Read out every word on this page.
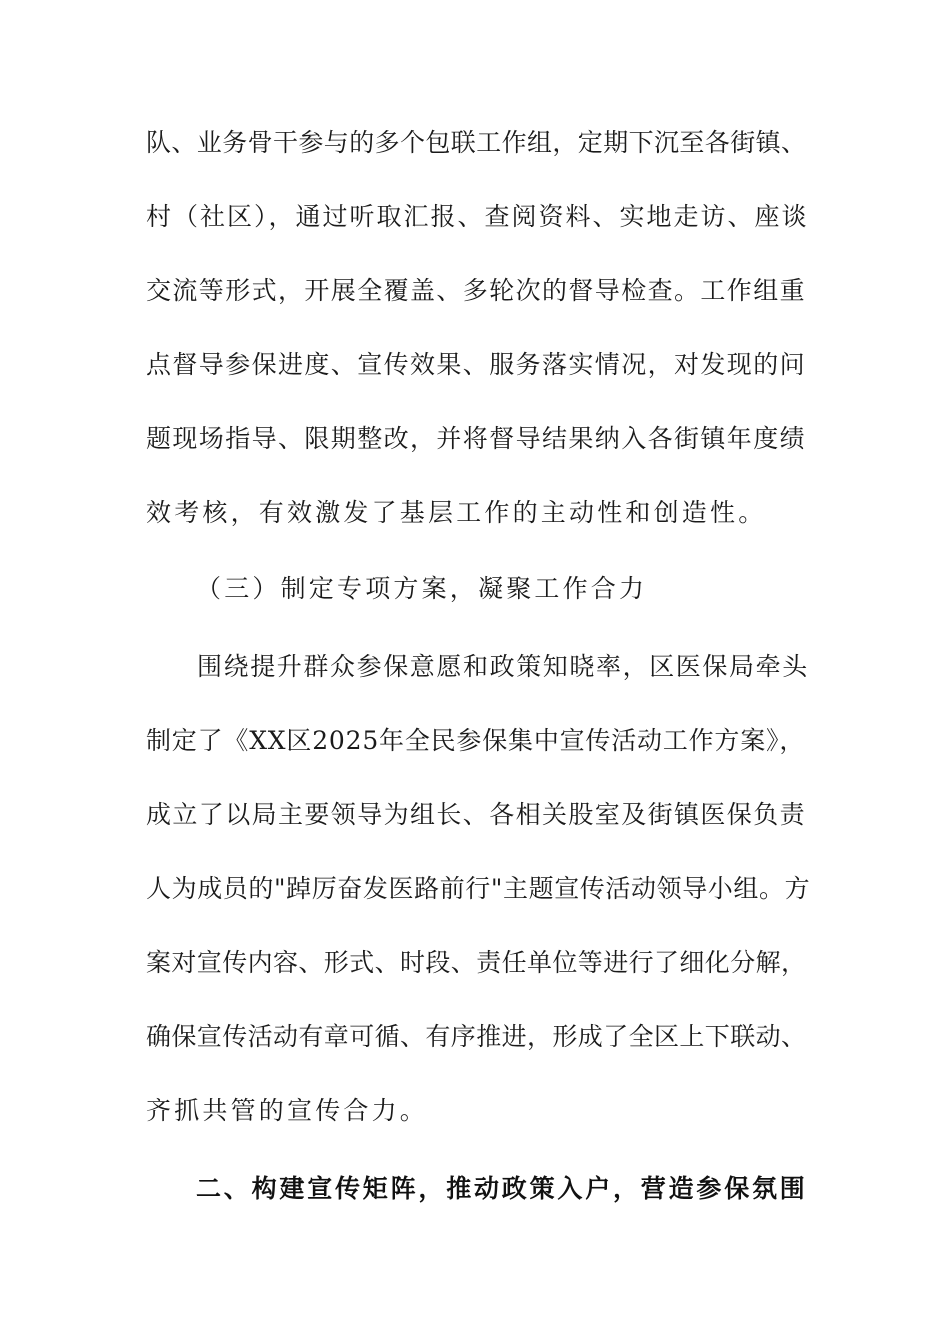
队、业务骨干参与的多个包联工作组，定期下沉至各街镇、
村（社区），通过听取汇报、查阅资料、实地走访、座谈
交流等形式，开展全覆盖、多轮次的督导检查。工作组重
点督导参保进度、宣传效果、服务落实情况，对发现的问
题现场指导、限期整改，并将督导结果纳入各街镇年度绩
效考核，有效激发了基层工作的主动性和创造性。
（三）制定专项方案，凝聚工作合力
围绕提升群众参保意愿和政策知晓率，区医保局牵头
制定了《XX区2025年全民参保集中宣传活动工作方案》，
成立了以局主要领导为组长、各相关股室及街镇医保负责
人为成员的"踔厉奋发医路前行"主题宣传活动领导小组。方
案对宣传内容、形式、时段、责任单位等进行了细化分解，
确保宣传活动有章可循、有序推进，形成了全区上下联动、
齐抓共管的宣传合力。
二、构建宣传矩阵，推动政策入户，营造参保氛围
